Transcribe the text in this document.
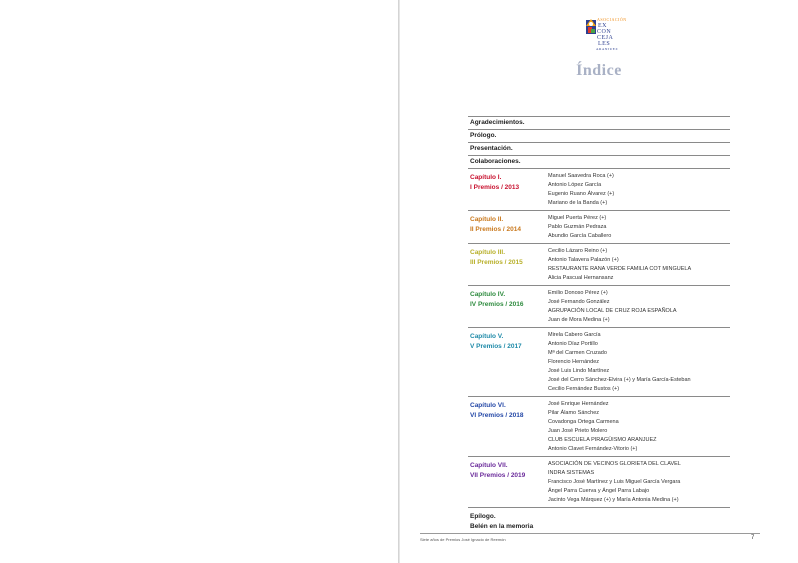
ASOCIACIÓN
EX
CON
CEJA
LES
ARANJUEZ
Índice
Agradecimientos.
Prólogo.
Presentación.
Colaboraciones.
Capítulo I.
I Premios / 2013
Manuel Saavedra Roca (+)
Antonio López García
Eugenio Ruano Álvarez (+)
Mariano de la Banda (+)
Capítulo II.
II Premios / 2014
Miguel Puerta Pérez (+)
Pablo Guzmán Pedraza
Abundio García Caballero
Capítulo III.
III Premios / 2015
Cecilio Lázaro Reino (+)
Antonio Talavera Palazón (+)
RESTAURANTE RANA VERDE FAMILIA COT MINGUELA
Alicia Pascual Hernansanz
Capítulo IV.
IV Premios / 2016
Emilio Donoso Pérez (+)
José Fernando González
AGRUPACIÓN LOCAL DE CRUZ ROJA ESPAÑOLA
Juan de Mora Medina (+)
Capítulo V.
V Premios / 2017
Mirela Cabero García
Antonio Díaz Portillo
Mª del Carmen Cruzado
Florencio Hernández
José Luis Lindo Martínez
José del Cerro Sánchez-Elvira (+) y María García-Esteban
Cecilio Fernández Bustos (+)
Capítulo VI.
VI Premios / 2018
José Enrique Hernández
Pilar Álamo Sánchez
Covadonga Ortega Carmena
Juan José Prieto Molero
CLUB ESCUELA PIRAGÜISMO ARANJUEZ
Antonio Clavet Fernández-Vitorio (+)
Capítulo VII.
VII Premios / 2019
ASOCIACIÓN DE VECINOS GLORIETA DEL CLAVEL
INDRA SISTEMAS
Francisco José Martínez y Luis Miguel García Vergara
Ángel Parra Cuerva y Ángel Parra Labajo
Jacinto Vega Márquez (+) y María Antonia Medina (+)
Epílogo.
Belén en la memoria
Siete años de Premios José Ignacio de Reemón	7
